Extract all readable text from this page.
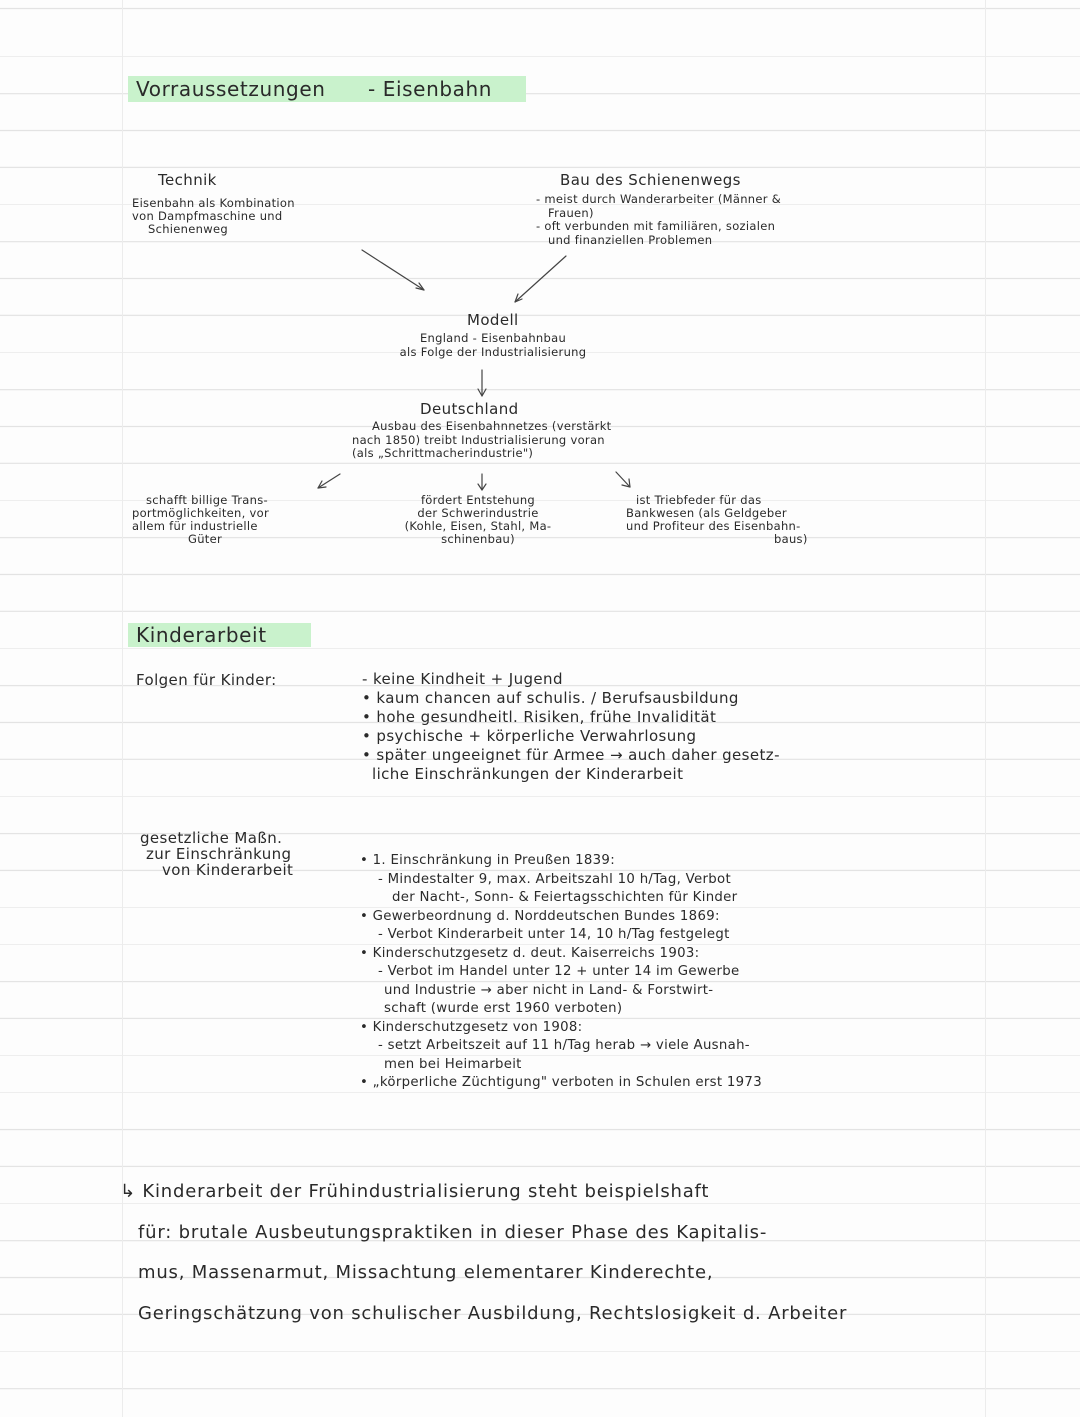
Vorraussetzungen - Eisenbahn
Technik
Eisenbahn als Kombination
von Dampfmaschine und
Schienenweg
Bau des Schienenwegs
- meist durch Wanderarbeiter (Männer &
Frauen)
- oft verbunden mit familiären, sozialen
und finanziellen Problemen
Modell
England - Eisenbahnbau
als Folge der Industrialisierung
Deutschland
Ausbau des Eisenbahnnetzes (verstärkt
nach 1850) treibt Industrialisierung voran
(als „Schrittmacherindustrie")
schafft billige Trans-
portmöglichkeiten, vor
allem für industrielle
Güter
fördert Entstehung
der Schwerindustrie
(Kohle, Eisen, Stahl, Ma-
schinenbau)
ist Triebfeder für das
Bankwesen (als Geldgeber
und Profiteur des Eisenbahn-
baus)
Kinderarbeit
Folgen für Kinder:	- keine Kindheit + Jugend
• kaum chancen auf schulis. / Berufsausbildung
• hohe gesundheitl. Risiken, frühe Invalidität
• psychische + körperliche Verwahrlosung
• später ungeeignet für Armee → auch daher gesetz-
liche Einschränkungen der Kinderarbeit
gesetzliche Maßn.
zur Einschränkung
von Kinderarbeit
• 1. Einschränkung in Preußen 1839:
- Mindestalter 9, max. Arbeitszahl 10 h/Tag, Verbot
der Nacht-, Sonn- & Feiertagsschichten für Kinder
• Gewerbeordnung d. Norddeutschen Bundes 1869:
- Verbot Kinderarbeit unter 14, 10 h/Tag festgelegt
• Kinderschutzgesetz d. deut. Kaiserreichs 1903:
- Verbot im Handel unter 12 + unter 14 im Gewerbe
und Industrie → aber nicht in Land- & Forstwirt-
schaft (wurde erst 1960 verboten)
• Kinderschutzgesetz von 1908:
- setzt Arbeitszeit auf 11 h/Tag herab → viele Ausnah-
men bei Heimarbeit
• „körperliche Züchtigung" verboten in Schulen erst 1973
↳ Kinderarbeit der Frühindustrialisierung steht beispielshaft
für: brutale Ausbeutungspraktiken in dieser Phase des Kapitalis-
mus, Massenarmut, Missachtung elementarer Kinderechte,
Geringschätzung von schulischer Ausbildung, Rechtslosigkeit d. Arbeiter
